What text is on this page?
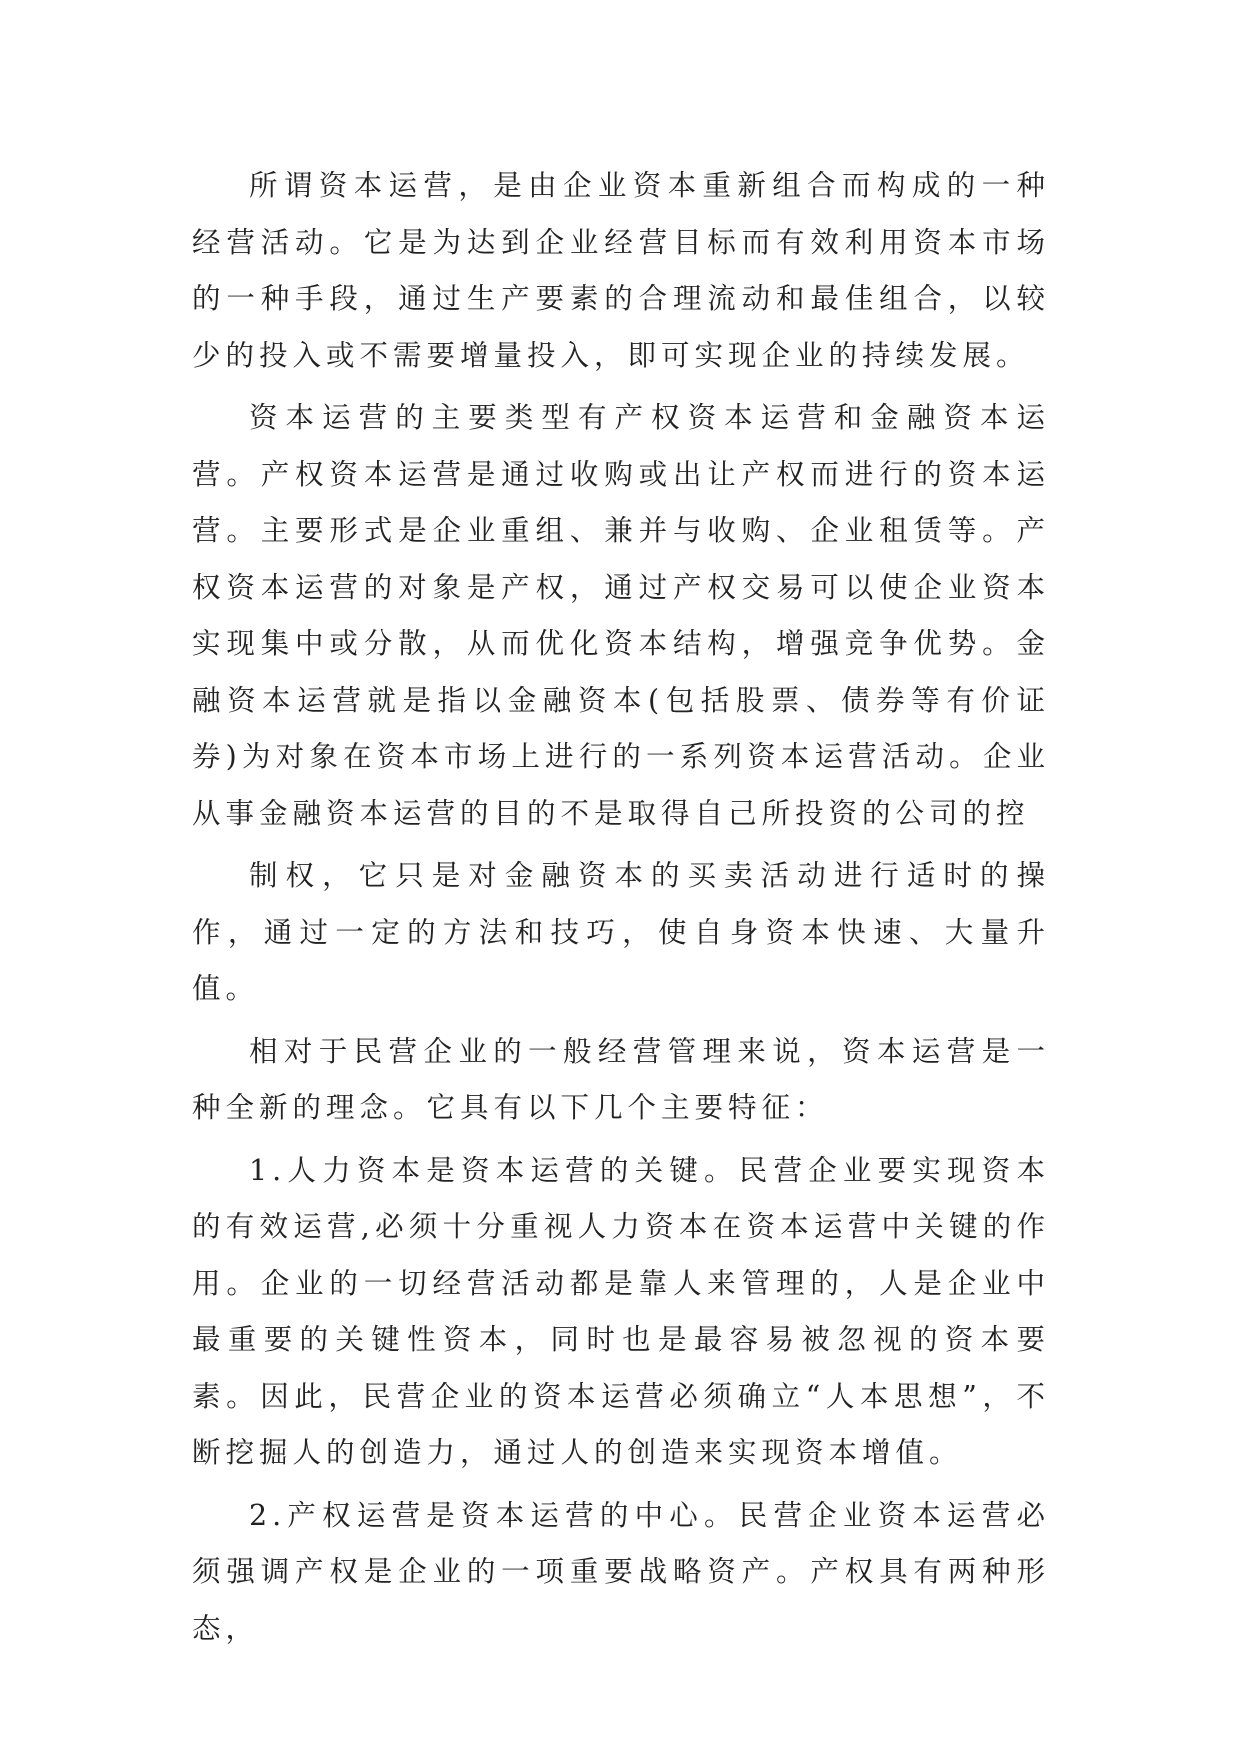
所谓资本运营，是由企业资本重新组合而构成的一种经营活动。它是为达到企业经营目标而有效利用资本市场的一种手段，通过生产要素的合理流动和最佳组合，以较少的投入或不需要增量投入，即可实现企业的持续发展。

资本运营的主要类型有产权资本运营和金融资本运营。产权资本运营是通过收购或出让产权而进行的资本运营。主要形式是企业重组、兼并与收购、企业租赁等。产权资本运营的对象是产权，通过产权交易可以使企业资本实现集中或分散，从而优化资本结构，增强竞争优势。金融资本运营就是指以金融资本(包括股票、债券等有价证券)为对象在资本市场上进行的一系列资本运营活动。企业从事金融资本运营的目的不是取得自己所投资的公司的控

制权，它只是对金融资本的买卖活动进行适时的操作，通过一定的方法和技巧，使自身资本快速、大量升值。

相对于民营企业的一般经营管理来说，资本运营是一种全新的理念。它具有以下几个主要特征：

1.人力资本是资本运营的关键。民营企业要实现资本的有效运营,必须十分重视人力资本在资本运营中关键的作用。企业的一切经营活动都是靠人来管理的，人是企业中最重要的关键性资本，同时也是最容易被忽视的资本要素。因此，民营企业的资本运营必须确立“人本思想”，不断挖掘人的创造力，通过人的创造来实现资本增值。

2.产权运营是资本运营的中心。民营企业资本运营必须强调产权是企业的一项重要战略资产。产权具有两种形态，
